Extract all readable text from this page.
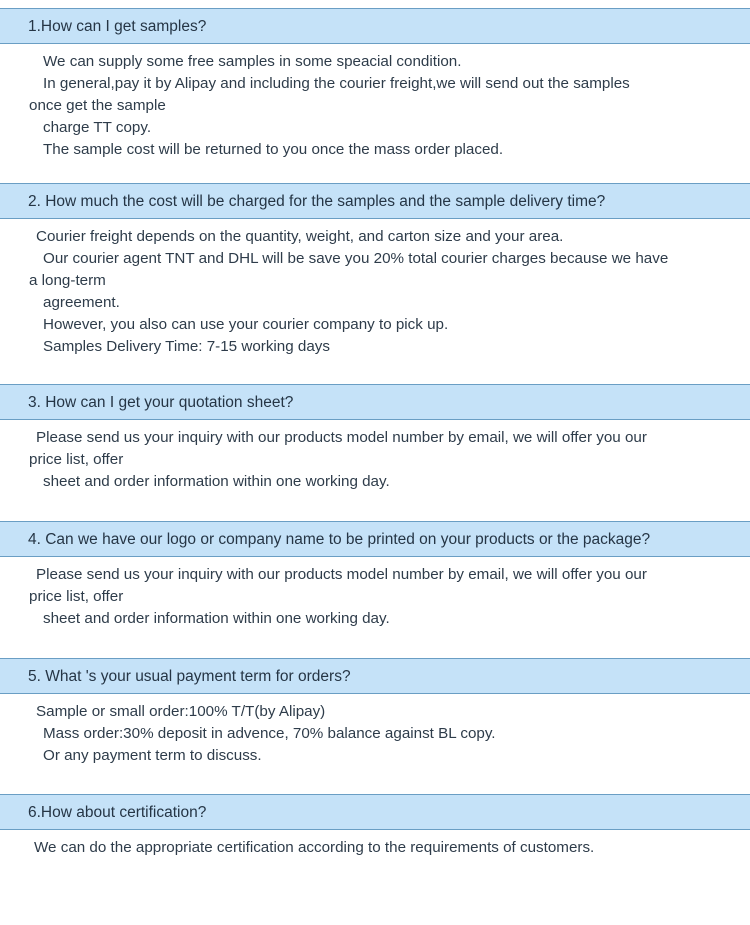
1.How can I get samples?
We can supply some free samples in some speacial condition.
In general,pay it by Alipay and including the courier freight,we will send out the samples
once get the sample
charge TT copy.
The sample cost will be returned to you once the mass order placed.
2. How much the cost will be charged for the samples and the sample delivery time?
Courier freight depends on the quantity, weight, and carton size and your area.
Our courier agent TNT and DHL will be save you 20% total courier charges because we have
a long-term
agreement.
However, you also can use your courier company to pick up.
Samples Delivery Time: 7-15 working days
3. How can I get your quotation sheet?
Please send us your inquiry with our products model number by email, we will offer you our
price list, offer
sheet and order information within one working day.
4. Can we have our logo or company name to be printed on your products or the package?
Please send us your inquiry with our products model number by email, we will offer you our
price list, offer
sheet and order information within one working day.
5. What 's your usual payment term for orders?
Sample or small order:100% T/T(by Alipay)
Mass order:30% deposit in advence, 70% balance against BL copy.
Or any payment term to discuss.
6.How about certification?
We can do the appropriate certification according to the requirements of customers.
